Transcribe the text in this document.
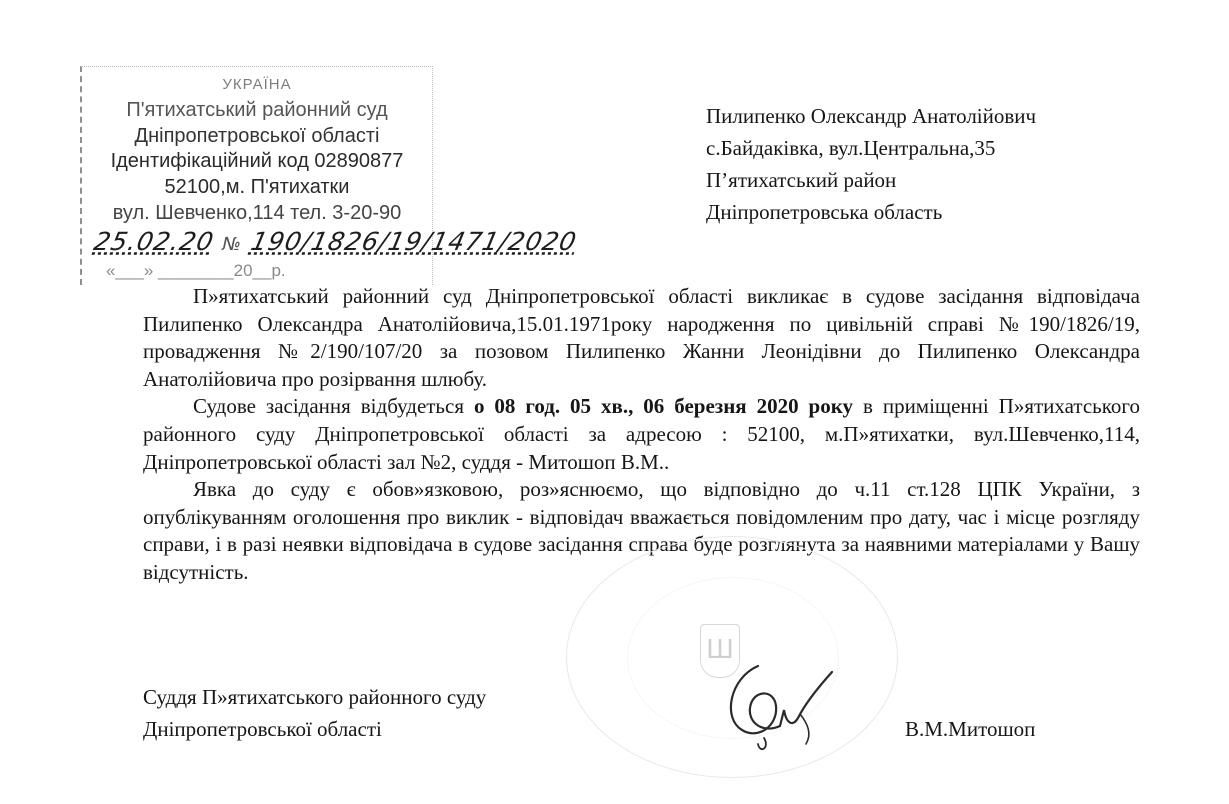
УКРАЇНА
П'ятихатський районний суд
Дніпропетровської області
Ідентифікаційний код 02890877
52100,м. П'ятихатки
вул. Шевченко,114 тел. 3-20-90
25.02.20 № 190/1826/19/1471/2020
«___» ________20__р.
Пилипенко Олександр Анатолійович
с.Байдаківка, вул.Центральна,35
П’ятихатський район
Дніпропетровська область

П»ятихатський районний суд Дніпропетровської області викликає в судове засідання відповідача Пилипенко Олександра Анатолійовича,15.01.1971року народження по цивільній справі №190/1826/19, провадження №2/190/107/20 за позовом Пилипенко Жанни Леонідівни до Пилипенко Олександра Анатолійовича про розірвання шлюбу.

Судове засідання відбудеться о 08 год. 05 хв., 06 березня 2020 року в приміщенні П»ятихатського районного суду Дніпропетровської області за адресою : 52100, м.П»ятихатки, вул.Шевченко,114, Дніпропетровської області зал №2, суддя - Митошоп В.М..

Явка до суду є обов»язковою, роз»яснюємо, що відповідно до ч.11 ст.128 ЦПК України, з опублікуванням оголошення про виклик - відповідач вважається повідомленим про дату, час і місце розгляду справи, і в разі неявки відповідача в судове засідання справа буде розглянута за наявними матеріалами у Вашу відсутність.

Ш
Суддя П»ятихатського районного суду
Дніпропетровської області	В.М.Митошоп
